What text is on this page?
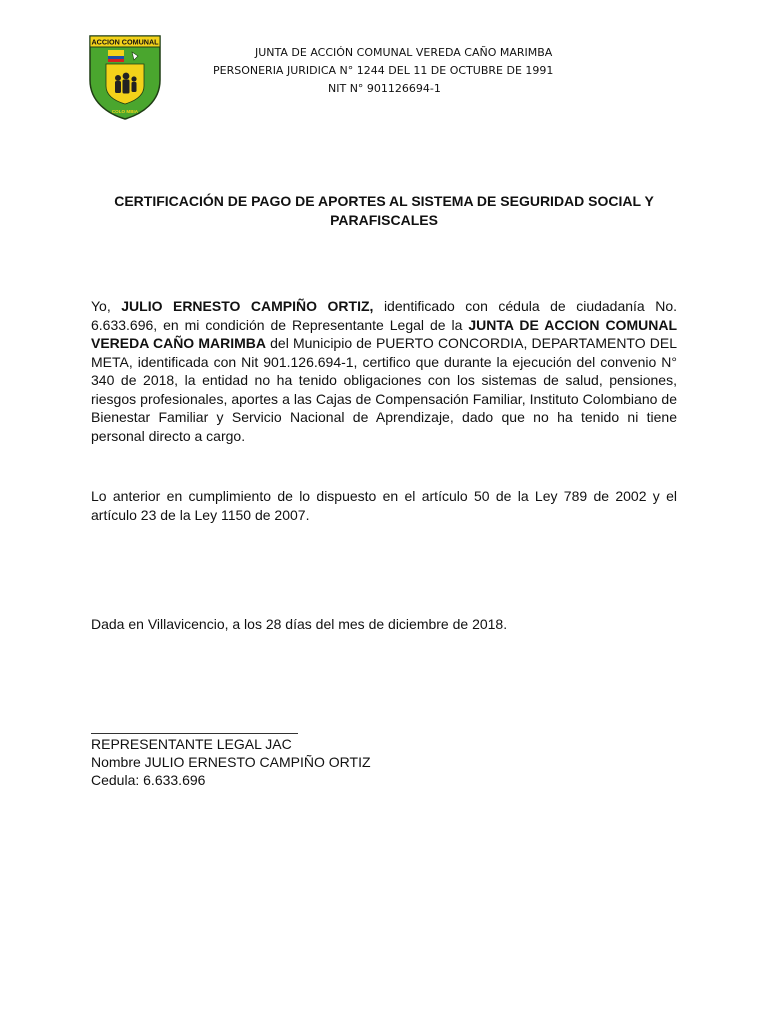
ACCION COMUNAL
COLO MBIA
JUNTA DE ACCIÓN COMUNAL VEREDA CAÑO MARIMBA
PERSONERIA JURIDICA N° 1244 DEL 11 DE OCTUBRE DE 1991
NIT N° 901126694-1
CERTIFICACIÓN DE PAGO DE APORTES AL SISTEMA DE SEGURIDAD SOCIAL Y
PARAFISCALES
Yo, JULIO ERNESTO CAMPIÑO ORTIZ, identificado con cédula de ciudadanía No. 6.633.696, en mi condición de Representante Legal de la JUNTA DE ACCION COMUNAL VEREDA CAÑO MARIMBA del Municipio de PUERTO CONCORDIA, DEPARTAMENTO DEL META, identificada con Nit 901.126.694-1, certifico que durante la ejecución del convenio N° 340 de 2018, la entidad no ha tenido obligaciones con los sistemas de salud, pensiones, riesgos profesionales, aportes a las Cajas de Compensación Familiar, Instituto Colombiano de Bienestar Familiar y Servicio Nacional de Aprendizaje, dado que no ha tenido ni tiene personal directo a cargo.
Lo anterior en cumplimiento de lo dispuesto en el artículo 50 de la Ley 789 de 2002 y el artículo 23 de la Ley 1150 de 2007.
Dada en Villavicencio, a los 28 días del mes de diciembre de 2018.
REPRESENTANTE LEGAL JAC
Nombre JULIO ERNESTO CAMPIÑO ORTIZ
Cedula: 6.633.696
